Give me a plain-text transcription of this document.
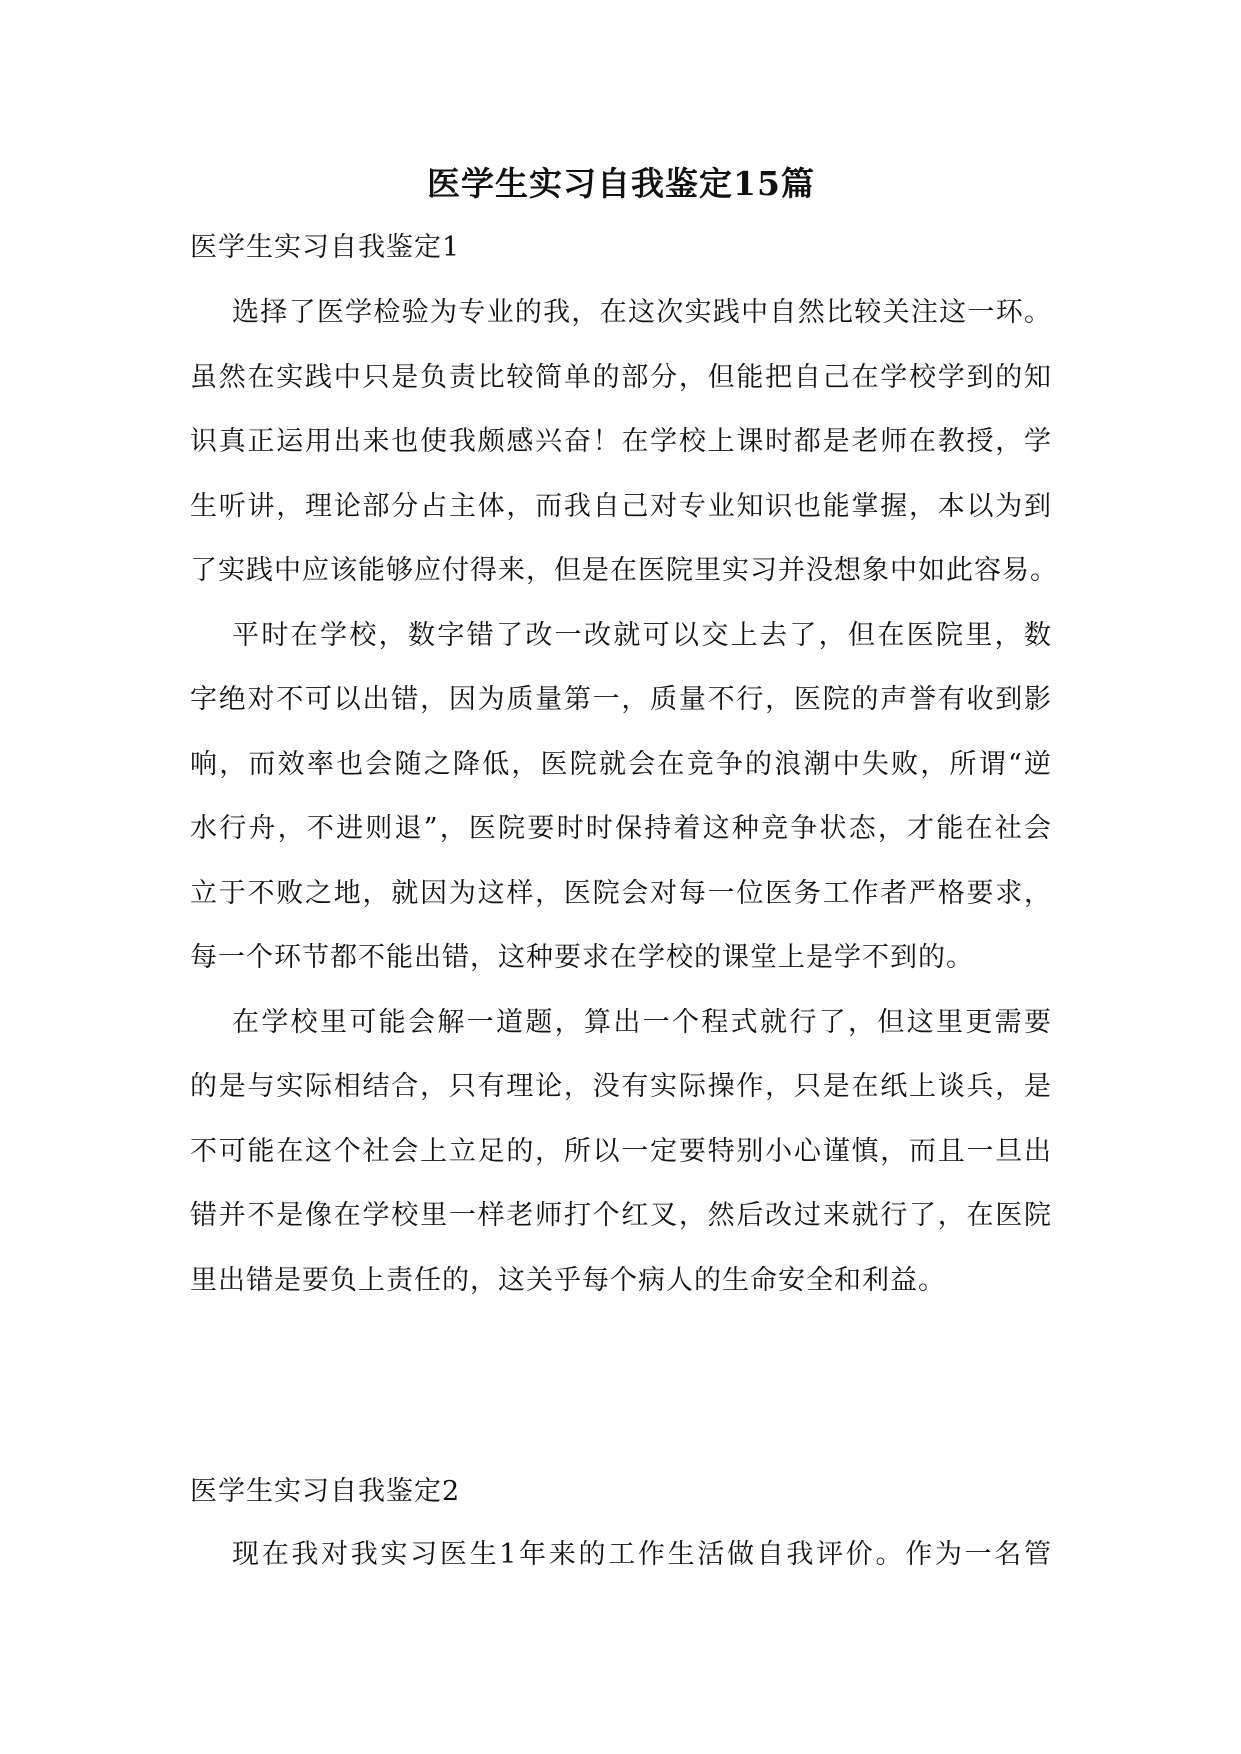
医学生实习自我鉴定15篇
医学生实习自我鉴定1
选择了医学检验为专业的我，在这次实践中自然比较关注这一环。
虽然在实践中只是负责比较简单的部分，但能把自己在学校学到的知
识真正运用出来也使我颇感兴奋！在学校上课时都是老师在教授，学
生听讲，理论部分占主体，而我自己对专业知识也能掌握，本以为到
了实践中应该能够应付得来，但是在医院里实习并没想象中如此容易。
平时在学校，数字错了改一改就可以交上去了，但在医院里，数
字绝对不可以出错，因为质量第一，质量不行，医院的声誉有收到影
响，而效率也会随之降低，医院就会在竞争的浪潮中失败，所谓“逆
水行舟，不进则退”，医院要时时保持着这种竞争状态，才能在社会
立于不败之地，就因为这样，医院会对每一位医务工作者严格要求，
每一个环节都不能出错，这种要求在学校的课堂上是学不到的。
在学校里可能会解一道题，算出一个程式就行了，但这里更需要
的是与实际相结合，只有理论，没有实际操作，只是在纸上谈兵，是
不可能在这个社会上立足的，所以一定要特别小心谨慎，而且一旦出
错并不是像在学校里一样老师打个红叉，然后改过来就行了，在医院
里出错是要负上责任的，这关乎每个病人的生命安全和利益。
医学生实习自我鉴定2
现在我对我实习医生1年来的工作生活做自我评价。作为一名管
